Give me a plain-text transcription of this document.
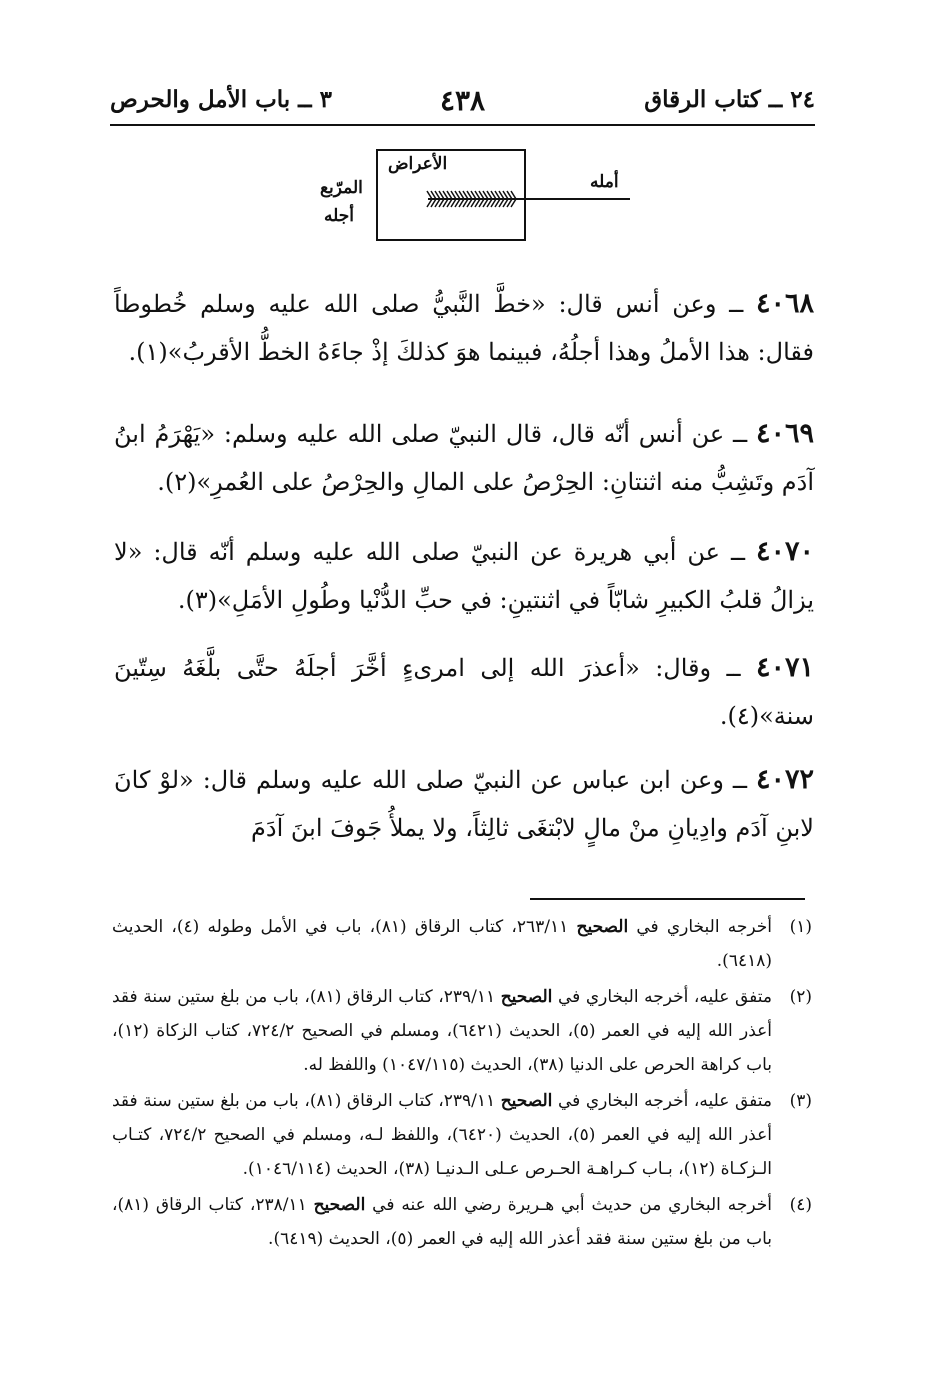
٢٤ ــ كتاب الرقاق
٤٣٨
٣ ــ باب الأمل والحرص
الأعراض
أمله
المرّبع
أجله
٤٠٦٨ ــ وعن أنس قال: «خطَّ النَّبيُّ صلى الله عليه وسلم خُطوطاً فقال: هذا الأملُ وهذا أجلُهُ، فبينما هوَ كذلكَ إذْ جاءَهُ الخطُّ الأقربُ»(١).
٤٠٦٩ ــ عن أنس أنّه قال، قال النبيّ صلى الله عليه وسلم: «يَهْرَمُ ابنُ آدَم وتَشِبُّ منه اثنتانِ: الحِرْصُ على المالِ والحِرْصُ على العُمرِ»(٢).
٤٠٧٠ ــ عن أبي هريرة عن النبيّ صلى الله عليه وسلم أنّه قال: «لا يزالُ قلبُ الكبيرِ شابّاً في اثنتينِ: في حبِّ الدُّنْيا وطُولِ الأمَلِ»(٣).
٤٠٧١ ــ وقال: «أعذرَ الله إلى امرىءٍ أخَّرَ أجلَهُ حتَّى بلَّغَهُ سِتّينَ سنة»(٤).
٤٠٧٢ ــ وعن ابن عباس عن النبيّ صلى الله عليه وسلم قال: «لوْ كانَ لابنِ آدَم وادِيانِ منْ مالٍ لابْتغَى ثالِثاً، ولا يملأُ جَوفَ ابنَ آدَمَ
(١)
أخرجه البخاري في الصحيح ٢٦٣/١١، كتاب الرقاق (٨١)، باب في الأمل وطوله (٤)، الحديث (٦٤١٨).
(٢)
متفق عليه، أخرجه البخاري في الصحيح ٢٣٩/١١، كتاب الرقاق (٨١)، باب من بلغ ستين سنة فقد أعذر الله إليه في العمر (٥)، الحديث (٦٤٢١)، ومسلم في الصحيح ٧٢٤/٢، كتاب الزكاة (١٢)، باب كراهة الحرص على الدنيا (٣٨)، الحديث (١٠٤٧/١١٥) واللفظ له.
(٣)
متفق عليه، أخرجه البخاري في الصحيح ٢٣٩/١١، كتاب الرقاق (٨١)، باب من بلغ ستين سنة فقد أعذر الله إليه في العمر (٥)، الحديث (٦٤٢٠)، واللفظ لـه، ومسلم في الصحيح ٧٢٤/٢، كتـاب الـزكـاة (١٢)، بـاب كـراهـة الحـرص عـلى الـدنيـا (٣٨)، الحديث (١٠٤٦/١١٤).
(٤)
أخرجه البخاري من حديث أبي هـريرة رضي الله عنه في الصحيح ٢٣٨/١١، كتاب الرقاق (٨١)، باب من بلغ ستين سنة فقد أعذر الله إليه في العمر (٥)، الحديث (٦٤١٩).
